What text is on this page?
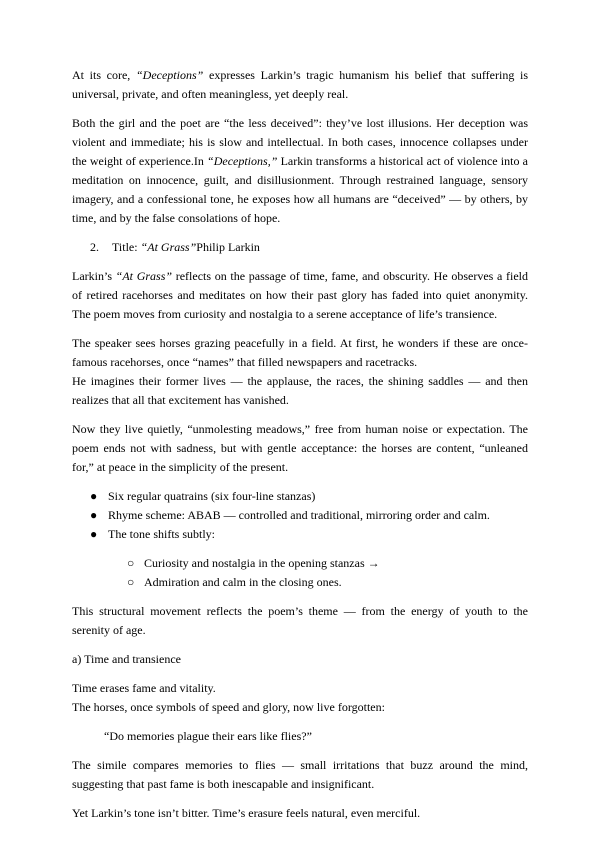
At its core, “Deceptions” expresses Larkin’s tragic humanism his belief that suffering is universal, private, and often meaningless, yet deeply real.

Both the girl and the poet are “the less deceived”: they’ve lost illusions. Her deception was violent and immediate; his is slow and intellectual. In both cases, innocence collapses under the weight of experience.In “Deceptions,” Larkin transforms a historical act of violence into a meditation on innocence, guilt, and disillusionment. Through restrained language, sensory imagery, and a confessional tone, he exposes how all humans are “deceived” — by others, by time, and by the false consolations of hope.

2. Title: “At Grass”Philip Larkin

Larkin’s “At Grass” reflects on the passage of time, fame, and obscurity. He observes a field of retired racehorses and meditates on how their past glory has faded into quiet anonymity. The poem moves from curiosity and nostalgia to a serene acceptance of life’s transience.

The speaker sees horses grazing peacefully in a field. At first, he wonders if these are once-famous racehorses, once “names” that filled newspapers and racetracks.
He imagines their former lives — the applause, the races, the shining saddles — and then realizes that all that excitement has vanished.

Now they live quietly, “unmolesting meadows,” free from human noise or expectation. The poem ends not with sadness, but with gentle acceptance: the horses are content, “unleaned for,” at peace in the simplicity of the present.

● Six regular quatrains (six four-line stanzas)
● Rhyme scheme: ABAB — controlled and traditional, mirroring order and calm.
● The tone shifts subtly:
○ Curiosity and nostalgia in the opening stanzas →
○ Admiration and calm in the closing ones.

This structural movement reflects the poem’s theme — from the energy of youth to the serenity of age.

a) Time and transience

Time erases fame and vitality.
The horses, once symbols of speed and glory, now live forgotten:

“Do memories plague their ears like flies?”

The simile compares memories to flies — small irritations that buzz around the mind, suggesting that past fame is both inescapable and insignificant.

Yet Larkin’s tone isn’t bitter. Time’s erasure feels natural, even merciful.
